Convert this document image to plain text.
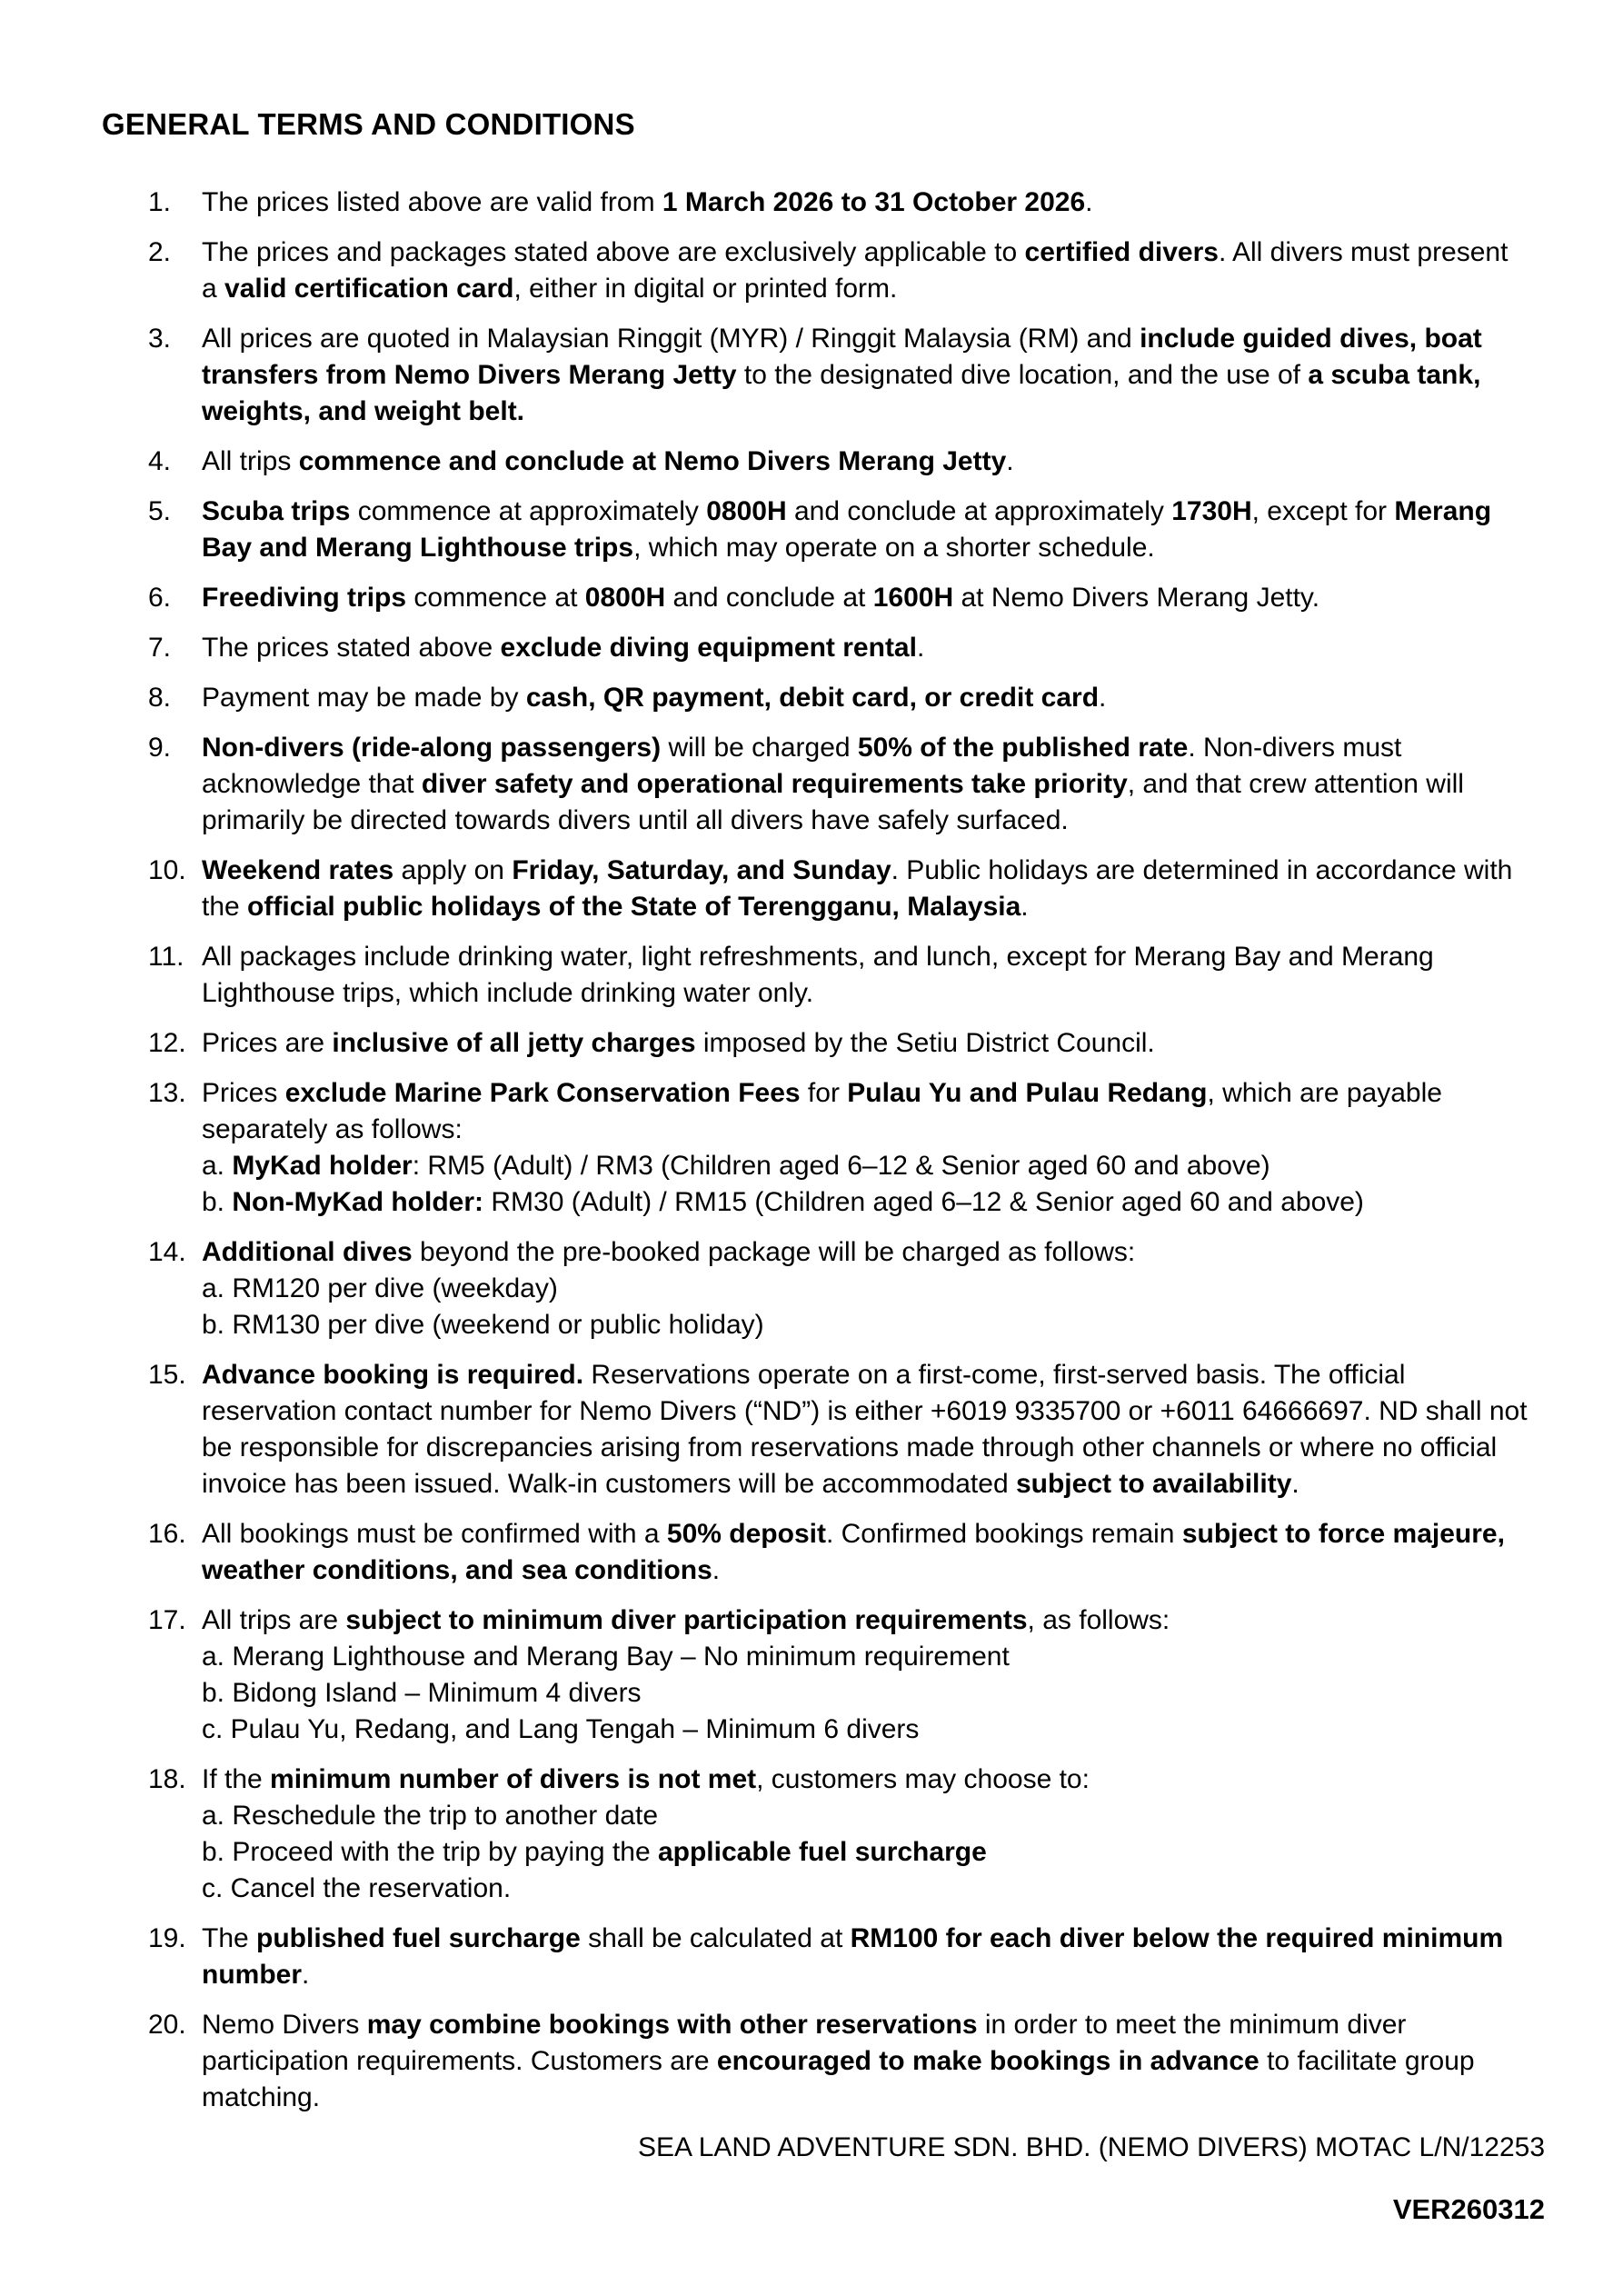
GENERAL TERMS AND CONDITIONS
1. The prices listed above are valid from 1 March 2026 to 31 October 2026.
2. The prices and packages stated above are exclusively applicable to certified divers. All divers must present
a valid certification card, either in digital or printed form.
3. All prices are quoted in Malaysian Ringgit (MYR) / Ringgit Malaysia (RM) and include guided dives, boat
transfers from Nemo Divers Merang Jetty to the designated dive location, and the use of a scuba tank,
weights, and weight belt.
4. All trips commence and conclude at Nemo Divers Merang Jetty.
5. Scuba trips commence at approximately 0800H and conclude at approximately 1730H, except for Merang
Bay and Merang Lighthouse trips, which may operate on a shorter schedule.
6. Freediving trips commence at 0800H and conclude at 1600H at Nemo Divers Merang Jetty.
7. The prices stated above exclude diving equipment rental.
8. Payment may be made by cash, QR payment, debit card, or credit card.
9. Non-divers (ride-along passengers) will be charged 50% of the published rate. Non-divers must
acknowledge that diver safety and operational requirements take priority, and that crew attention will
primarily be directed towards divers until all divers have safely surfaced.
10. Weekend rates apply on Friday, Saturday, and Sunday. Public holidays are determined in accordance with
the official public holidays of the State of Terengganu, Malaysia.
11. All packages include drinking water, light refreshments, and lunch, except for Merang Bay and Merang
Lighthouse trips, which include drinking water only.
12. Prices are inclusive of all jetty charges imposed by the Setiu District Council.
13. Prices exclude Marine Park Conservation Fees for Pulau Yu and Pulau Redang, which are payable
separately as follows:
a. MyKad holder: RM5 (Adult) / RM3 (Children aged 6–12 & Senior aged 60 and above)
b. Non-MyKad holder: RM30 (Adult) / RM15 (Children aged 6–12 & Senior aged 60 and above)
14. Additional dives beyond the pre-booked package will be charged as follows:
a. RM120 per dive (weekday)
b. RM130 per dive (weekend or public holiday)
15. Advance booking is required. Reservations operate on a first-come, first-served basis. The official
reservation contact number for Nemo Divers (“ND”) is either +6019 9335700 or +6011 64666697. ND shall not
be responsible for discrepancies arising from reservations made through other channels or where no official
invoice has been issued. Walk-in customers will be accommodated subject to availability.
16. All bookings must be confirmed with a 50% deposit. Confirmed bookings remain subject to force majeure,
weather conditions, and sea conditions.
17. All trips are subject to minimum diver participation requirements, as follows:
a. Merang Lighthouse and Merang Bay – No minimum requirement
b. Bidong Island – Minimum 4 divers
c. Pulau Yu, Redang, and Lang Tengah – Minimum 6 divers
18. If the minimum number of divers is not met, customers may choose to:
a. Reschedule the trip to another date
b. Proceed with the trip by paying the applicable fuel surcharge
c. Cancel the reservation.
19. The published fuel surcharge shall be calculated at RM100 for each diver below the required minimum
number.
20. Nemo Divers may combine bookings with other reservations in order to meet the minimum diver
participation requirements. Customers are encouraged to make bookings in advance to facilitate group
matching.
SEA LAND ADVENTURE SDN. BHD. (NEMO DIVERS) MOTAC L/N/12253
VER260312
